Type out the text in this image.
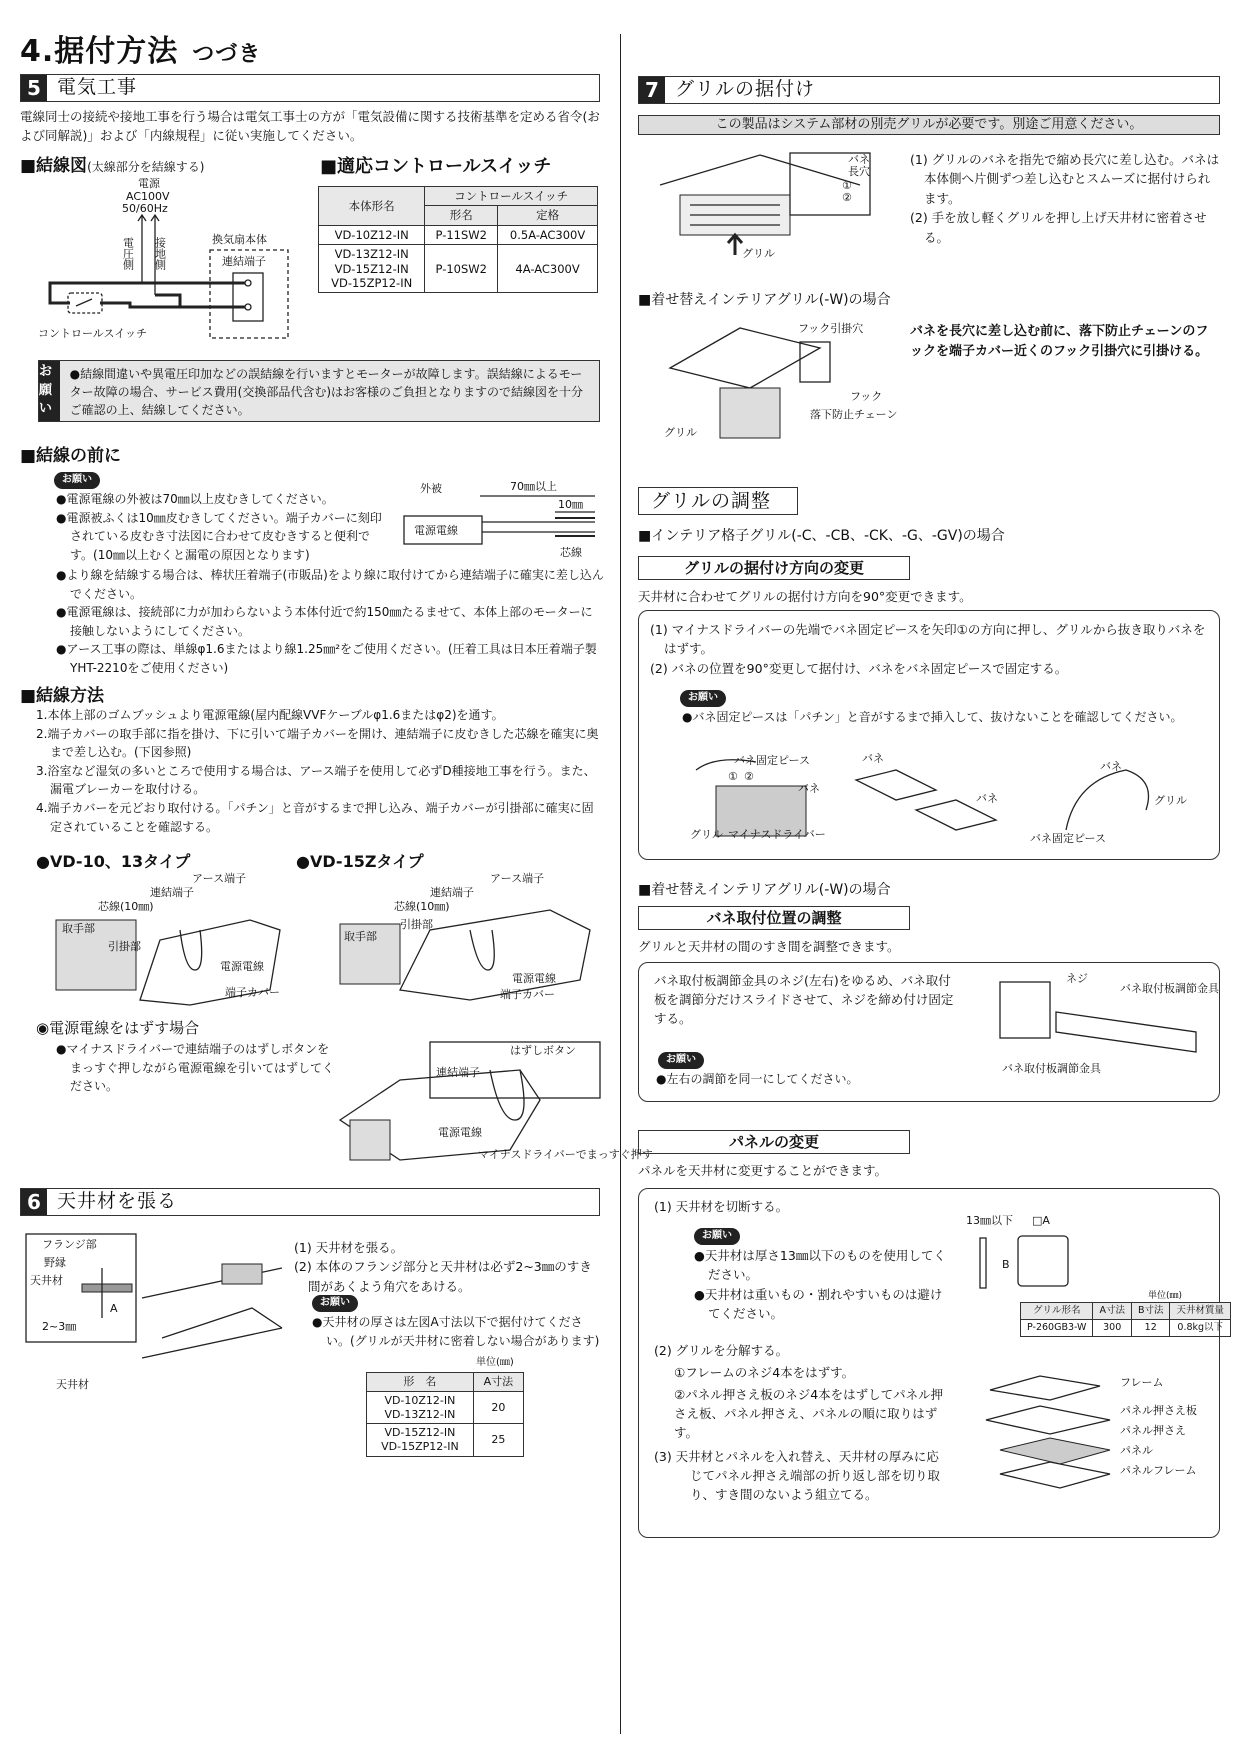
4.据付方法 つづき
5 電気工事
電線同士の接続や接地工事を行う場合は電気工事士の方が「電気設備に関する技術基準を定める省令(および同解説)」および「内線規程」に従い実施してください。
■結線図(太線部分を結線する)
電源
AC100V
50/60Hz
電圧側 接地側	換気扇本体
連結端子
コントロールスイッチ
■適応コントロールスイッチ
本体形名	コントロールスイッチ	
	形名	定格
VD-10Z12-IN	P-11SW2	0.5A-AC300V

VD-13Z12-IN
VD-15Z12-IN
VD-15ZP12-IN	P-10SW2	4A-AC300V
お願い
●結線間違いや異電圧印加などの誤結線を行いますとモーターが故障します。誤結線によるモーター故障の場合、サービス費用(交換部品代含む)はお客様のご負担となりますので結線図を十分ご確認の上、結線してください。
■結線の前に
お願い
●電源電線の外被は70㎜以上皮むきしてください。
●電源被ふくは10㎜皮むきしてください。端子カバーに刻印されている皮むき寸法図に合わせて皮むきすると便利です。(10㎜以上むくと漏電の原因となります)
●より線を結線する場合は、棒状圧着端子(市販品)をより線に取付けてから連結端子に確実に差し込んでください。
●電源電線は、接続部に力が加わらないよう本体付近で約150㎜たるませて、本体上部のモーターに接触しないようにしてください。
●アース工事の際は、単線φ1.6またはより線1.25㎜²をご使用ください。(圧着工具は日本圧着端子製YHT-2210をご使用ください)
外被	70㎜以上
10㎜
電源電線
芯線
■結線方法
1.本体上部のゴムブッシュより電源電線(屋内配線VVFケーブルφ1.6またはφ2)を通す。
2.端子カバーの取手部に指を掛け、下に引いて端子カバーを開け、連結端子に皮むきした芯線を確実に奥まで差し込む。(下図参照)
3.浴室など湿気の多いところで使用する場合は、アース端子を使用して必ずD種接地工事を行う。また、漏電ブレーカーを取付ける。
4.端子カバーを元どおり取付ける。「パチン」と音がするまで押し込み、端子カバーが引掛部に確実に固定されていることを確認する。
●VD-10、13タイプ	●VD-15Zタイプ
アース端子
連結端子
芯線(10㎜)
取手部
引掛部
電源電線
端子カバー
アース端子
連結端子
芯線(10㎜)
引掛部
取手部
電源電線
端子カバー
◉電源電線をはずす場合
●マイナスドライバーで連結端子のはずしボタンをまっすぐ押しながら電源電線を引いてはずしてください。
はずしボタン
連結端子
電源電線
マイナスドライバーでまっすぐ押す
6 天井材を張る
フランジ部
野縁
天井材
A
2~3㎜
天井材
(1) 天井材を張る。
(2) 本体のフランジ部分と天井材は必ず2~3㎜のすき間があくよう角穴をあける。
お願い
●天井材の厚さは左図A寸法以下で据付けてください。(グリルが天井材に密着しない場合があります)
単位(㎜)
形　名	A寸法

VD-10Z12-IN
VD-13Z12-IN	20

VD-15Z12-IN
VD-15ZP12-IN	25
7 グリルの据付け
この製品はシステム部材の別売グリルが必要です。別途ご用意ください。
グリル
バネ
長穴
①
②
(1) グリルのバネを指先で縮め長穴に差し込む。バネは本体側へ片側ずつ差し込むとスムーズに据付けられます。
(2) 手を放し軽くグリルを押し上げ天井材に密着させる。
■着せ替えインテリアグリル(-W)の場合
フック引掛穴
フック
落下防止チェーン
グリル
バネを長穴に差し込む前に、落下防止チェーンのフックを端子カバー近くのフック引掛穴に引掛ける。
グリルの調整
■インテリア格子グリル(-C、-CB、-CK、-G、-GV)の場合
グリルの据付け方向の変更
天井材に合わせてグリルの据付け方向を90°変更できます。
(1) マイナスドライバーの先端でバネ固定ピースを矢印①の方向に押し、グリルから抜き取りバネをはずす。
(2) バネの位置を90°変更して据付け、バネをバネ固定ピースで固定する。
お願い
●バネ固定ピースは「パチン」と音がするまで挿入して、抜けないことを確認してください。
バネ固定ピース
① ②
バネ
グリル マイナスドライバー
バネ
バネ
バネ
グリル
バネ固定ピース
■着せ替えインテリアグリル(-W)の場合
バネ取付位置の調整
グリルと天井材の間のすき間を調整できます。
バネ取付板調節金具のネジ(左右)をゆるめ、バネ取付板を調節分だけスライドさせて、ネジを締め付け固定する。
お願い
●左右の調節を同一にしてください。
ネジ
バネ取付板調節金具
バネ取付板調節金具
パネルの変更
パネルを天井材に変更することができます。
(1) 天井材を切断する。
お願い
●天井材は厚さ13㎜以下のものを使用してください。
●天井材は重いもの・割れやすいものは避けてください。
13㎜以下 □A
B
単位(㎜)
グリル形名	A寸法	B寸法	天井材質量
P-260GB3-W	300	12	0.8kg以下
(2) グリルを分解する。
①フレームのネジ4本をはずす。
②パネル押さえ板のネジ4本をはずしてパネル押さえ板、パネル押さえ、パネルの順に取りはずす。
(3) 天井材とパネルを入れ替え、天井材の厚みに応じてパネル押さえ端部の折り返し部を切り取り、すき間のないよう組立てる。
フレーム
パネル押さえ板
パネル押さえ
パネル
パネルフレーム
